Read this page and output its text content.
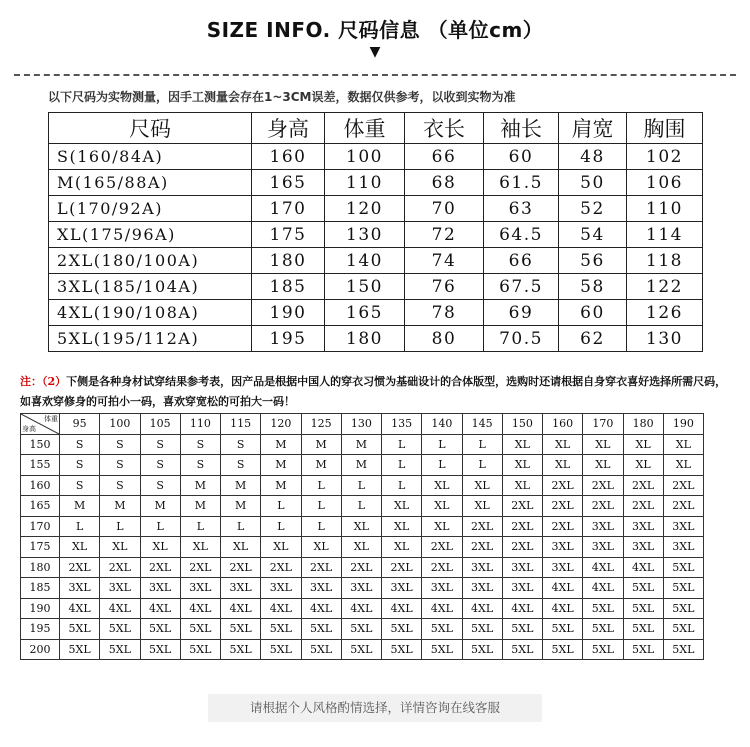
SIZE INFO. 尺码信息 （单位cm）
▼
以下尺码为实物测量，因手工测量会存在1~3CM误差，数据仅供参考，以收到实物为准
尺码	身高	体重	衣长	袖长	肩宽	胸围
S(160/84A)	160	100	66	60	48	102
M(165/88A)	165	110	68	61.5	50	106
L(170/92A)	170	120	70	63	52	110
XL(175/96A)	175	130	72	64.5	54	114
2XL(180/100A)	180	140	74	66	56	118
3XL(185/104A)	185	150	76	67.5	58	122
4XL(190/108A)	190	165	78	69	60	126
5XL(195/112A)	195	180	80	70.5	62	130
注：（2）下侧是各种身材试穿结果参考表，因产品是根据中国人的穿衣习惯为基础设计的合体版型，选购时还请根据自身穿衣喜好选择所需尺码，如喜欢穿修身的可拍小一码，喜欢穿宽松的可拍大一码！
体重
身高	95	100	105	110	115	120	125	130	135	140	145	150	160	170	180	190
150	S	S	S	S	S	M	M	M	L	L	L	XL	XL	XL	XL	XL
155	S	S	S	S	S	M	M	M	L	L	L	XL	XL	XL	XL	XL
160	S	S	S	M	M	M	L	L	L	XL	XL	XL	2XL	2XL	2XL	2XL
165	M	M	M	M	M	L	L	L	XL	XL	XL	2XL	2XL	2XL	2XL	2XL
170	L	L	L	L	L	L	L	XL	XL	XL	2XL	2XL	2XL	3XL	3XL	3XL
175	XL	XL	XL	XL	XL	XL	XL	XL	XL	2XL	2XL	2XL	3XL	3XL	3XL	3XL
180	2XL	2XL	2XL	2XL	2XL	2XL	2XL	2XL	2XL	2XL	3XL	3XL	3XL	4XL	4XL	5XL
185	3XL	3XL	3XL	3XL	3XL	3XL	3XL	3XL	3XL	3XL	3XL	3XL	4XL	4XL	5XL	5XL
190	4XL	4XL	4XL	4XL	4XL	4XL	4XL	4XL	4XL	4XL	4XL	4XL	4XL	5XL	5XL	5XL
195	5XL	5XL	5XL	5XL	5XL	5XL	5XL	5XL	5XL	5XL	5XL	5XL	5XL	5XL	5XL	5XL
200	5XL	5XL	5XL	5XL	5XL	5XL	5XL	5XL	5XL	5XL	5XL	5XL	5XL	5XL	5XL	5XL
请根据个人风格酌情选择，详情咨询在线客服
